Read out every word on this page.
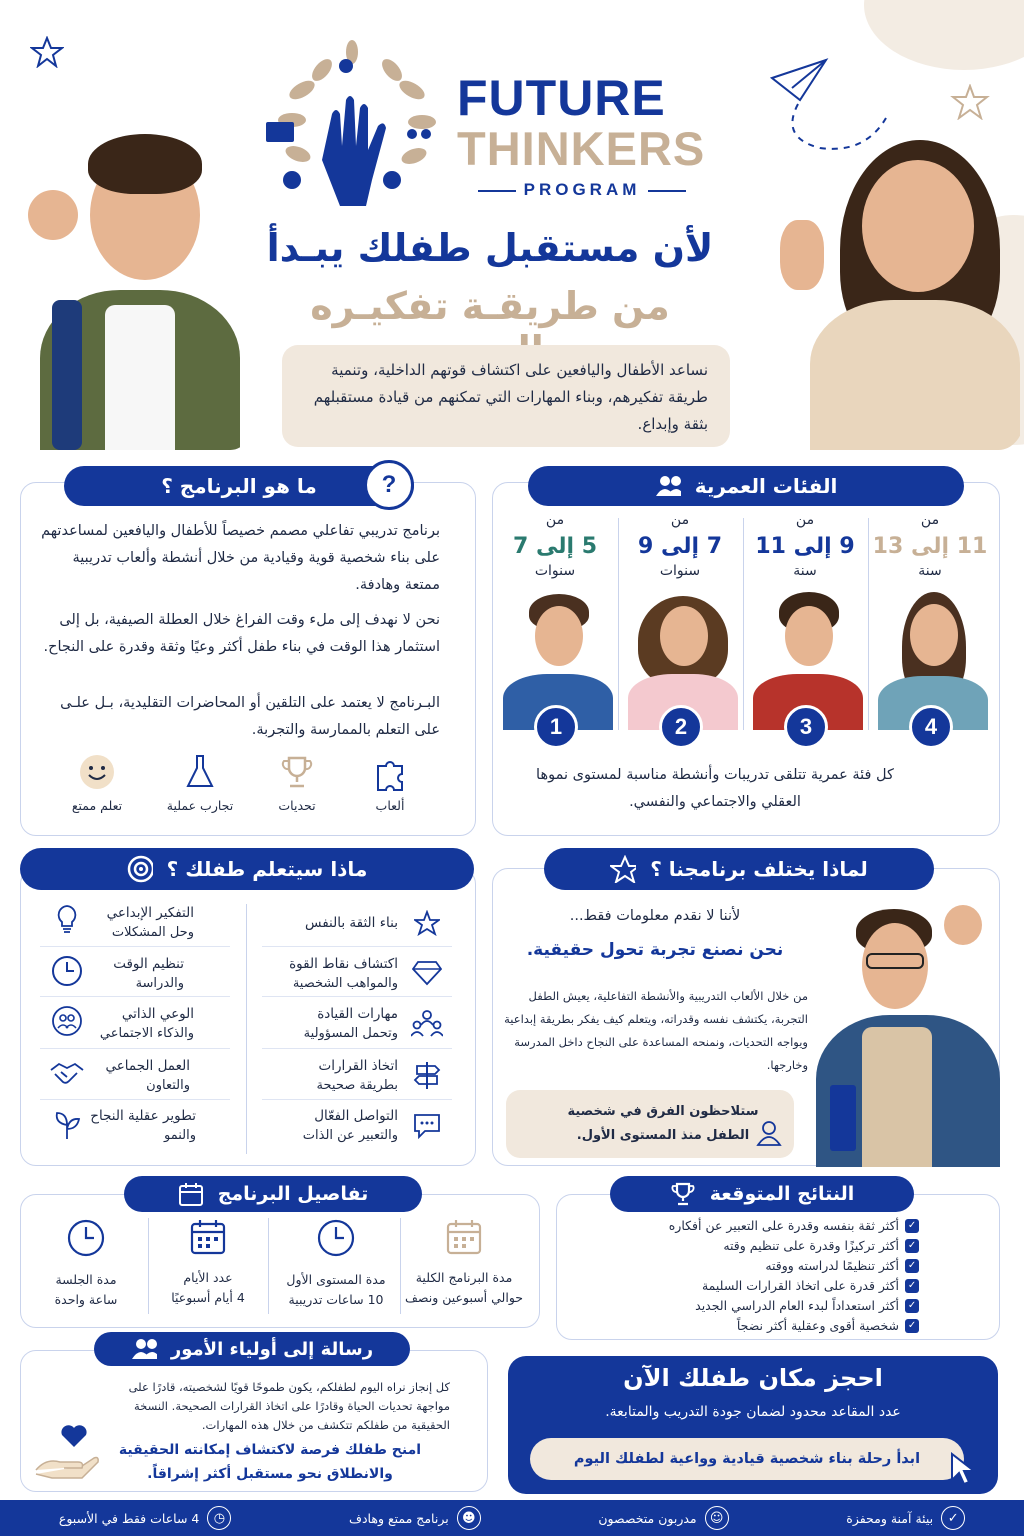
FUTURE
THINKERS
PROGRAM
لأن مستقبل طفلك يبـدأ
من طريقـة تفكيـره
نساعد الأطفال واليافعين على اكتشاف قوتهم الداخلية، وتنمية طريقة تفكيرهم، وبناء المهارات التي تمكنهم من قيادة مستقبلهم بثقة وإبداع.
ما هو البرنامج ؟	?
برنامج تدريبي تفاعلي مصمم خصيصاً للأطفال واليافعين لمساعدتهم على بناء شخصية قوية وقيادية من خلال أنشطة وألعاب تدريبية ممتعة وهادفة.
نحن لا نهدف إلى ملء وقت الفراغ خلال العطلة الصيفية، بل إلى استثمار هذا الوقت في بناء طفل أكثر وعيًا وثقة وقدرة على النجاح.
البـرنامج لا يعتمد على التلقين أو المحاضرات التقليدية، بـل علـى على التعلم بالممارسة والتجربة.
ألعاب
تحديات
تجارب عملية
تعلم ممتع
الفئات العمرية
من
11 إلى 13
سنة
من
9 إلى 11
سنة
من
7 إلى 9
سنوات
من
5 إلى 7
سنوات
4
3
2
1
كل فئة عمرية تتلقى تدريبات وأنشطة مناسبة لمستوى نموها العقلي والاجتماعي والنفسي.
ماذا سيتعلم طفلك ؟
بناء الثقة بالنفس
اكتشاف نقاط القوة
والمواهب الشخصية
مهارات القيادة
وتحمل المسؤولية
اتخاذ القرارات
بطريقة صحيحة
التواصل الفعّال
والتعبير عن الذات
التفكير الإبداعي
وحل المشكلات
تنظيم الوقت
والدراسة
الوعي الذاتي
والذكاء الاجتماعي
العمل الجماعي
والتعاون
تطوير عقلية النجاح
والنمو
لماذا يختلف برنامجنا ؟
لأننا لا نقدم معلومات فقط...
نحن نصنع تجربة تحول حقيقية.
من خلال الألعاب التدريبية والأنشطة التفاعلية، يعيش الطفل التجربة، يكتشف نفسه وقدراته، ويتعلم كيف يفكر بطريقة إبداعية ويواجه التحديات، ونمنحه المساعدة على النجاح داخل المدرسة وخارجها.
ستلاحظون الفرق في شخصية الطفل منذ المستوى الأول.
تفاصيل البرنامج
مدة البرنامج الكلية
حوالي أسبوعين ونصف
مدة المستوى الأول
10 ساعات تدريبية
عدد الأيام
4 أيام أسبوعيًا
مدة الجلسة
ساعة واحدة
النتائج المتوقعة
✓
أكثر ثقة بنفسه وقدرة على التعبير عن أفكاره
✓
أكثر تركيزًا وقدرة على تنظيم وقته
✓
أكثر تنظيمًا لدراسته ووقته
✓
أكثر قدرة على اتخاذ القرارات السليمة
✓
أكثر استعداداً لبدء العام الدراسي الجديد
✓
شخصية أقوى وعقلية أكثر نضجاً
رسالة إلى أولياء الأمور
كل إنجاز نراه اليوم لطفلكم، يكون طموحًا قويًا لشخصيته، قادرًا على مواجهة تحديات الحياة وقادرًا على اتخاذ القرارات الصحيحة. النسخة الحقيقية من طفلكم تتكشف من خلال هذه المهارات.
امنح طفلك فرصة لاكتشاف إمكانته الحقيقية والانطلاق نحو مستقبل أكثر إشراقاً.
احجز مكان طفلك الآن
عدد المقاعد محدود لضمان جودة التدريب والمتابعة.
ابدأ رحلة بناء شخصية قيادية وواعية لطفلك اليوم
✓
بيئة آمنة ومحفزة
☺
مدربون متخصصون
☻
برنامج ممتع وهادف
◷
4 ساعات فقط في الأسبوع
